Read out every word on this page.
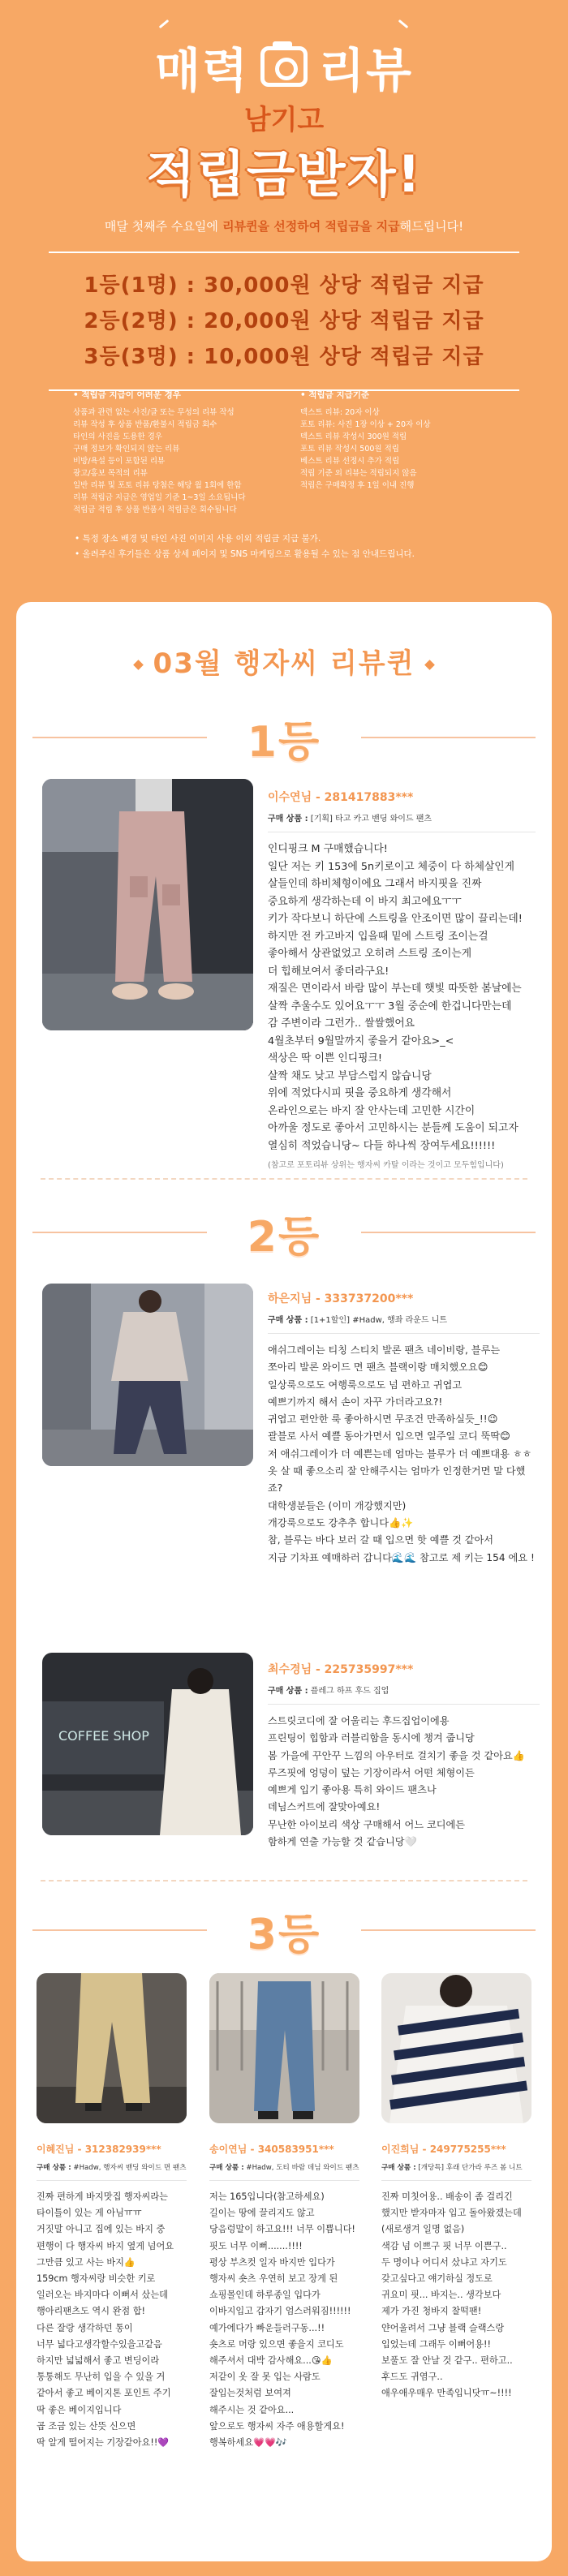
매력 리뷰
남기고
적립금받자!
매달 첫째주 수요일에 리뷰퀸을 선정하여 적립금을 지급해드립니다!
1등(1명) : 30,000원 상당 적립금 지급
2등(2명) : 20,000원 상당 적립금 지급
3등(3명) : 10,000원 상당 적립금 지급
• 적립금 지급이 어려운 경우
상품과 관련 없는 사진/글 또는 무성의 리뷰 작성
리뷰 작성 후 상품 반품/환불시 적립금 회수
타인의 사진을 도용한 경우
구매 정보가 확인되지 않는 리뷰
비방/욕설 등이 포함된 리뷰
광고/홍보 목적의 리뷰
일반 리뷰 및 포토 리뷰 당첨은 해당 월 1회에 한함
리뷰 적립금 지급은 영업일 기준 1~3일 소요됩니다
적립금 적립 후 상품 반품시 적립금은 회수됩니다
• 적립금 지급기준
텍스트 리뷰: 20자 이상
포토 리뷰: 사진 1장 이상 + 20자 이상
텍스트 리뷰 작성시 300원 적립
포토 리뷰 작성시 500원 적립
베스트 리뷰 선정시 추가 적립
적립 기준 외 리뷰는 적립되지 않음
적립은 구매확정 후 1일 이내 진행
• 특정 장소 배경 및 타인 사진 이미지 사용 이외 적립금 지급 불가.
• 올려주신 후기들은 상품 상세 페이지 및 SNS 마케팅으로 활용될 수 있는 점 안내드립니다.
03월 행자씨 리뷰퀸
1등
이수연님 - 281417883***
구매 상품 : [기획] 타고 카고 밴딩 와이드 팬츠
인디핑크 M 구매했습니다!
일단 저는 키 153에 5n키로이고 체중이 다 하체살인게
살들인데 하비체형이에요 그래서 바지핏을 진짜
중요하게 생각하는데 이 바지 최고에요ㅜㅜ
키가 작다보니 하단에 스트링을 안조이면 많이 끌리는데!
하지만 전 카고바지 입을때 밑에 스트링 조이는걸
좋아해서 상관없었고 오히려 스트링 조이는게
더 힙해보여서 좋더라구요!
재질은 면이라서 바람 많이 부는데 햇빛 따뜻한 봄날에는
살짝 추울수도 있어요ㅜㅜ 3월 중순에 한겁니다만는데
감 주변이라 그런가.. 쌀쌀했어요
4월초부터 9월말까지 좋을거 같아요>_<
색상은 딱 이쁜 인디핑크!
살짝 채도 낮고 부담스럽지 않습니당
위에 적었다시피 핏을 중요하게 생각해서
온라인으로는 바지 잘 안사는데 고민한 시간이
아까울 정도로 좋아서 고민하시는 분들께 도움이 되고자
열심히 적었습니당~ 다들 하나씩 장여두세요!!!!!!
(참고로 포토리뷰 상위는 행자씨 카탈 이라는 것이고 모두힘입니다)
2등
하은지님 - 333737200***
구매 상품 : [1+1할인] #Hadw, 행좌 라운드 니트
애쉬그레이는 티칭 스티치 발론 팬츠 네이비랑, 블루는
쪼아리 발론 와이드 면 팬츠 블랙이랑 매치했오요😊
일상룩으로도 여행룩으로도 넘 편하고 귀엽고
예쁘기까지 해서 손이 자꾸 가더라고요?!
귀엽고 편안한 룩 좋아하시면 무조건 만족하실듯_!!😉
괄블로 사서 예쁠 동아가면서 입으면 일주일 코디 뚝딱😊
저 애쉬그레이가 더 예쁜는데 엄마는 블루가 더 예쁘대용 ㅎㅎ
옷 살 때 좋으소리 잘 안해주시는 엄마가 인정한거면 말 다했죠?
대학생분들은 (이미 개강했지만)
개강룩으로도 강추추 합니다👍✨
참, 블루는 바다 보러 갈 때 입으면 핫 예쁠 것 같아서
지금 기차표 예매하러 갑니다🌊🌊 참고로 제 키는 154 에요 !
COFFEE SHOP
최수경님 - 225735997***
구매 상품 : 플레그 하프 후드 집업
스트릿코디에 잘 어울리는 후드집업이에용
프린팅이 힙함과 러블리함을 동시에 챙겨 줍니당
봄 가을에 꾸안꾸 느낌의 아우터로 걸치기 좋을 것 같아요👍
루즈핏에 엉덩이 덮는 기장이라서 어떤 체형이든
예쁘게 입기 좋아용 특히 와이드 팬츠나
데님스커트에 잘맞아예요!
무난한 아이보리 색상 구매해서 어느 코디에든
함하게 연출 가능할 것 같습니당🤍
3등
이혜진님 - 312382939***
구매 상품 : #Hadw, 행자씨 밴딩 와이드 면 팬츠
진짜 편하게 바지맛집 행자씨라는
타이틀이 있는 게 아님ㅠㅠ
거짓말 아니고 집에 있는 바지 중
편행이 다 행자씨 바지 옆게 넘어요
그만큼 있고 사는 바지👍
159cm 행자씨랑 비슷한 키로
일러오는 바지마다 이뻐서 샀는데
행아리팬츠도 역시 완점 합!
다른 잘랑 생각하던 통이
너무 넓다고생각할수있을고같음
하지만 넓넓해서 좋고 변딩이라
통통해도 무난히 입을 수 있을 거
같아서 좋고 베이지톤 포인트 주기
딱 좋은 베이지입니다
곱 조금 있는 산뜻 신으면
딱 알게 떨어지는 기장같아요!!💜
송이연님 - 340583951***
구매 상품 : #Hadw, 도티 바람 데님 와이드 팬츠
저는 165입니다(참고하세요)
길이는 땅에 끌리지도 않고
당음렁말이 하고요!!! 너무 이쁩니다!
핏도 너무 이뻐.......!!!!
평상 부츠컷 일자 바지만 입다가
행자씨 숏츠 우연히 보고 장게 된
쇼핑몰인데 하루종일 입다가
이바지입고 갑자기 엄스러워짐!!!!!!
예가에다가 빠운들러구동...!!
숏츠로 머랑 있으면 좋을지 코디도
해주셔서 대박 감사해요...😘👍
저같이 옷 잘 못 입는 사람도
잘입는것처럼 보여져
해주시는 것 같아요...
앞으로도 행자씨 자주 애용할게요!
행복하세요💗💗🎶
이진희님 - 249775255***
구매 상품 : [개당특] 후래 단가라 루즈 봄 니트
진짜 미칫어용.. 배송이 좀 걸리긴
했지만 받자마자 입고 돌아왔겠는데
(새로생겨 일명 없음)
색감 넘 이쁘구 핏 너무 이쁜구..
두 명이나 어디서 샀냐고 자기도
갖고싶다고 얘기하실 정도로
귀요미 핏... 바지는.. 생각보다
제가 가진 청바지 찰떡팬!
얀어울려서 그냥 블랙 슬랙스랑
입었는데 그래두 이뻐어용!!
보풀도 잘 안날 것 같구.. 편하고..
후드도 귀염구..
애우애우매우 만족입니닷ㅠ~!!!!
